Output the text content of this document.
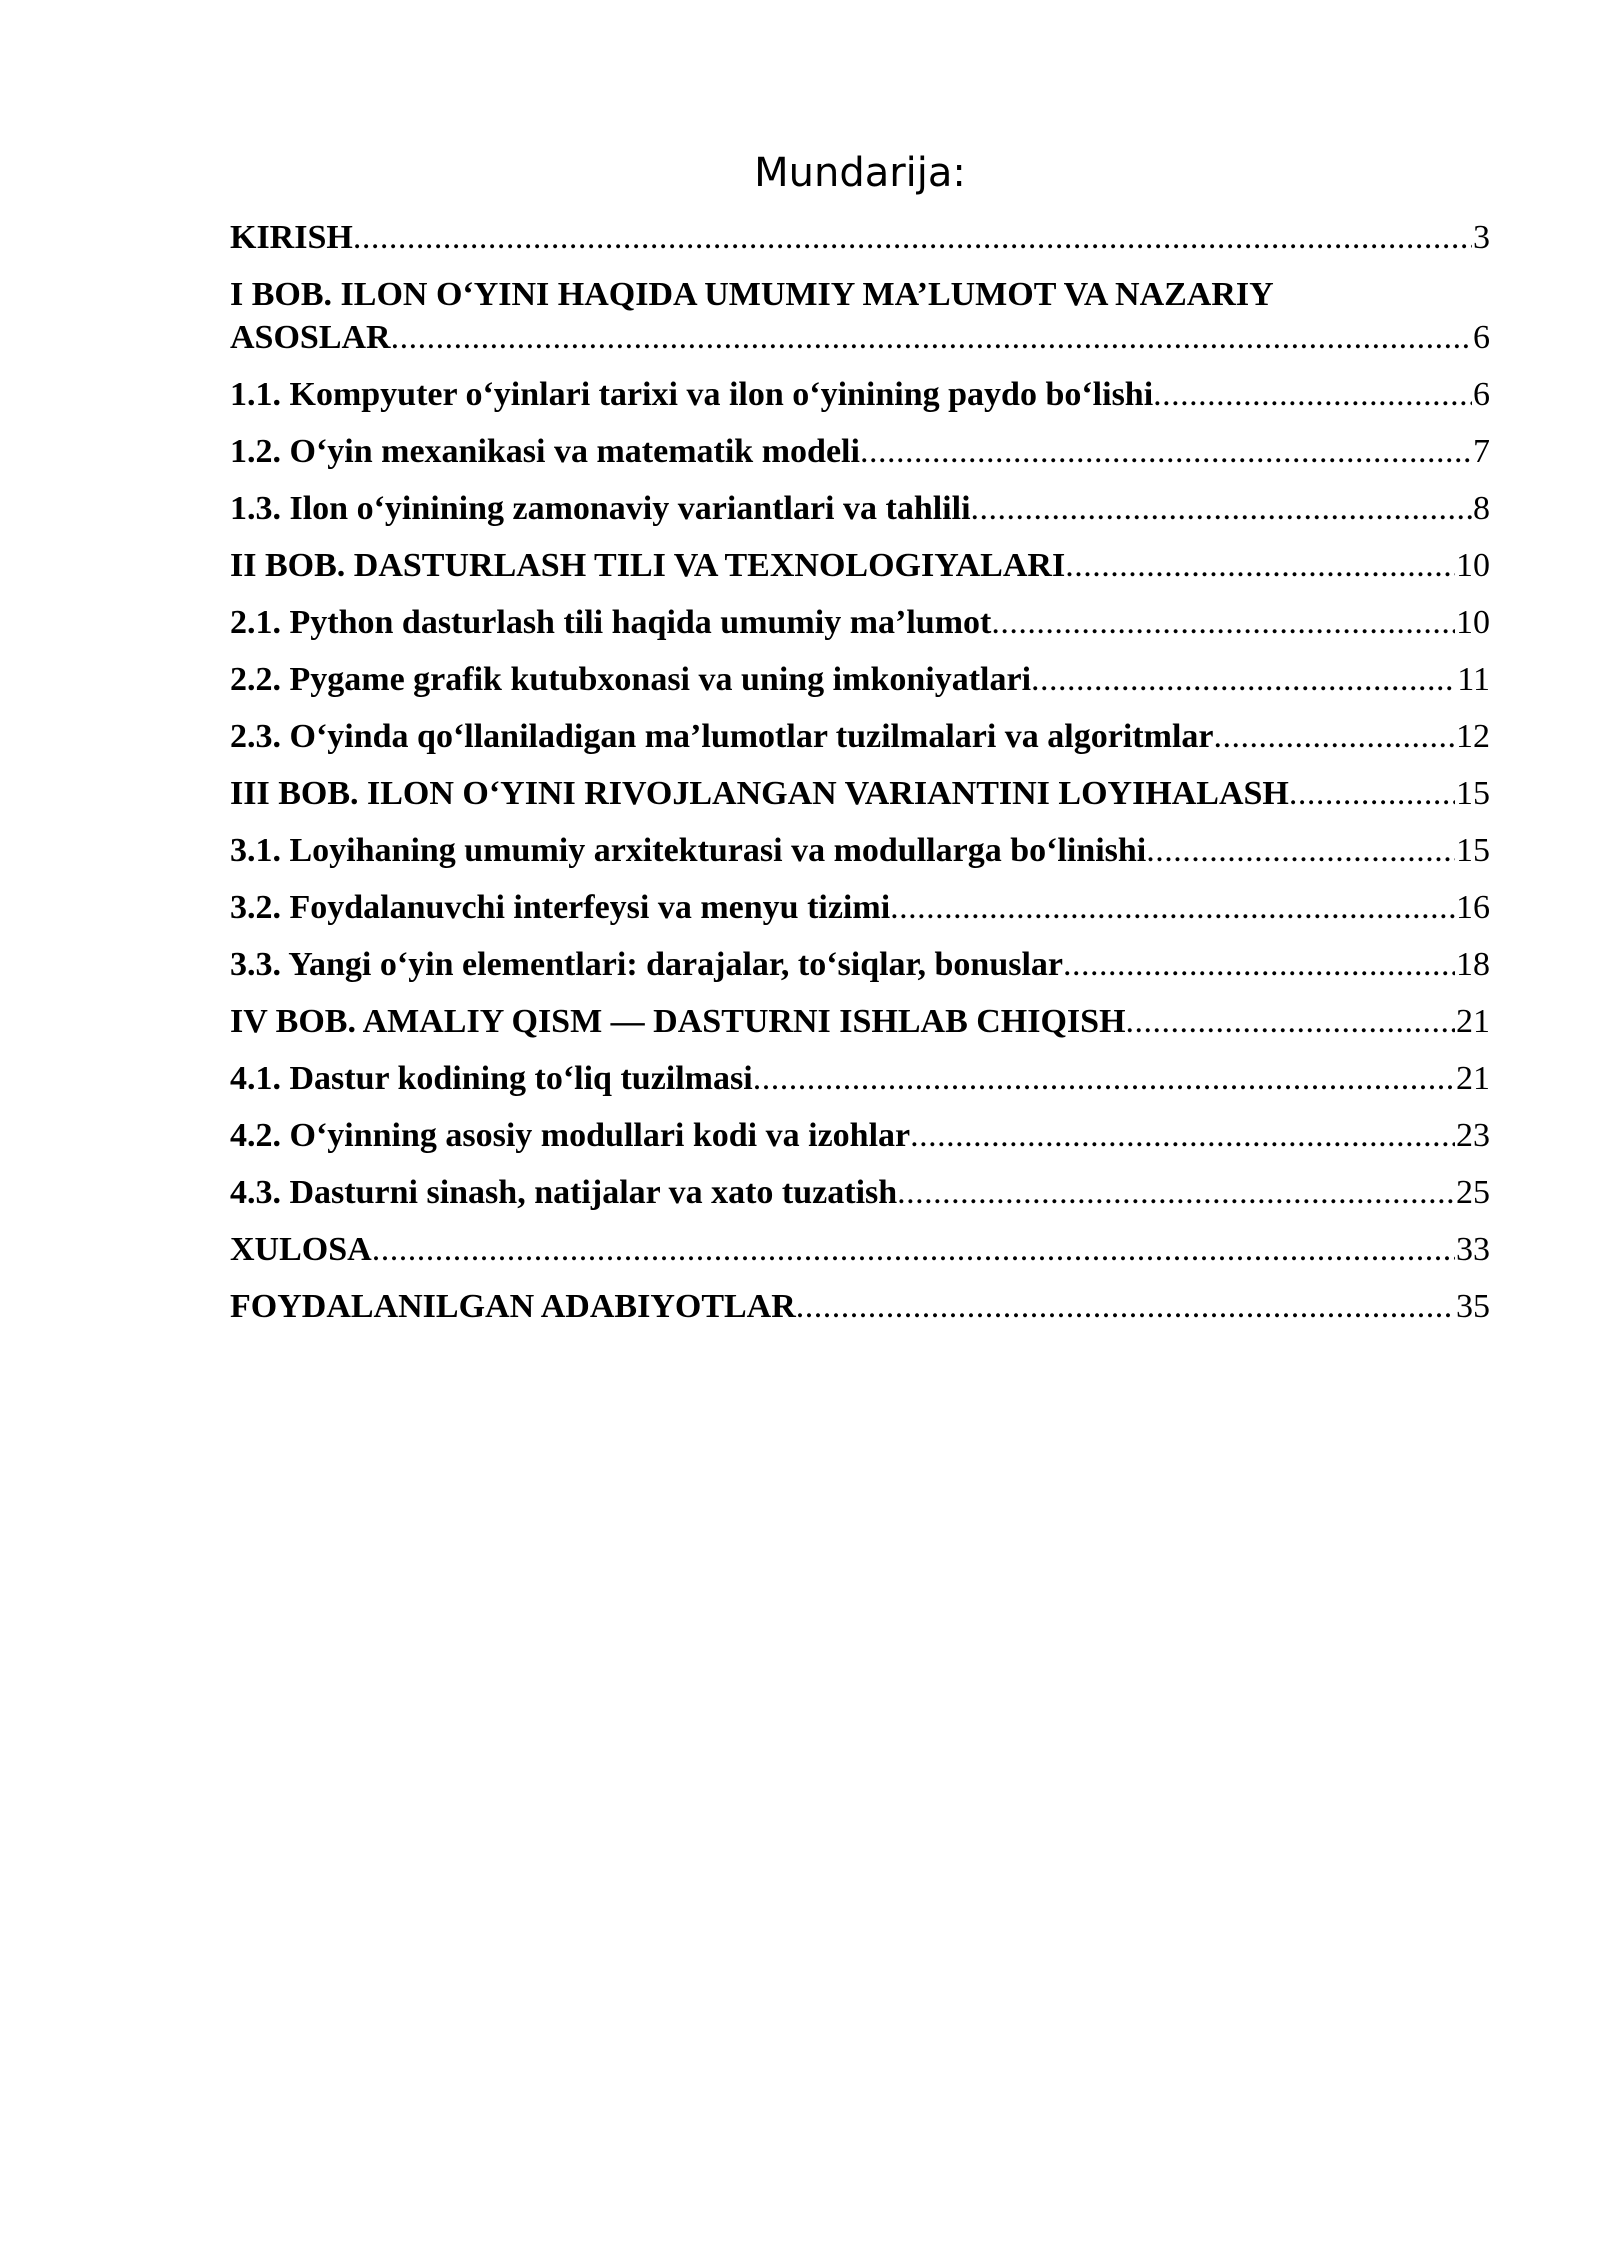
Mundarija:
KIRISH .....	3
I BOB. ILON O‘YINI HAQIDA UMUMIY MA’LUMOT VA NAZARIY
ASOSLAR .....	6
1.1. Kompyuter o‘yinlari tarixi va ilon o‘yinining paydo bo‘lishi .....	6
1.2. O‘yin mexanikasi va matematik modeli .....	7
1.3. Ilon o‘yinining zamonaviy variantlari va tahlili .....	8
II BOB. DASTURLASH TILI VA TEXNOLOGIYALARI .....	10
2.1. Python dasturlash tili haqida umumiy ma’lumot .....	10
2.2. Pygame grafik kutubxonasi va uning imkoniyatlari .....	11
2.3. O‘yinda qo‘llaniladigan ma’lumotlar tuzilmalari va algoritmlar .....	12
III BOB. ILON O‘YINI RIVOJLANGAN VARIANTINI LOYIHALASH .....	15
3.1. Loyihaning umumiy arxitekturasi va modullarga bo‘linishi .....	15
3.2. Foydalanuvchi interfeysi va menyu tizimi .....	16
3.3. Yangi o‘yin elementlari: darajalar, to‘siqlar, bonuslar .....	18
IV BOB. AMALIY QISM — DASTURNI ISHLAB CHIQISH .....	21
4.1. Dastur kodining to‘liq tuzilmasi .....	21
4.2. O‘yinning asosiy modullari kodi va izohlar .....	23
4.3. Dasturni sinash, natijalar va xato tuzatish .....	25
XULOSA .....	33
FOYDALANILGAN ADABIYOTLAR .....	35
